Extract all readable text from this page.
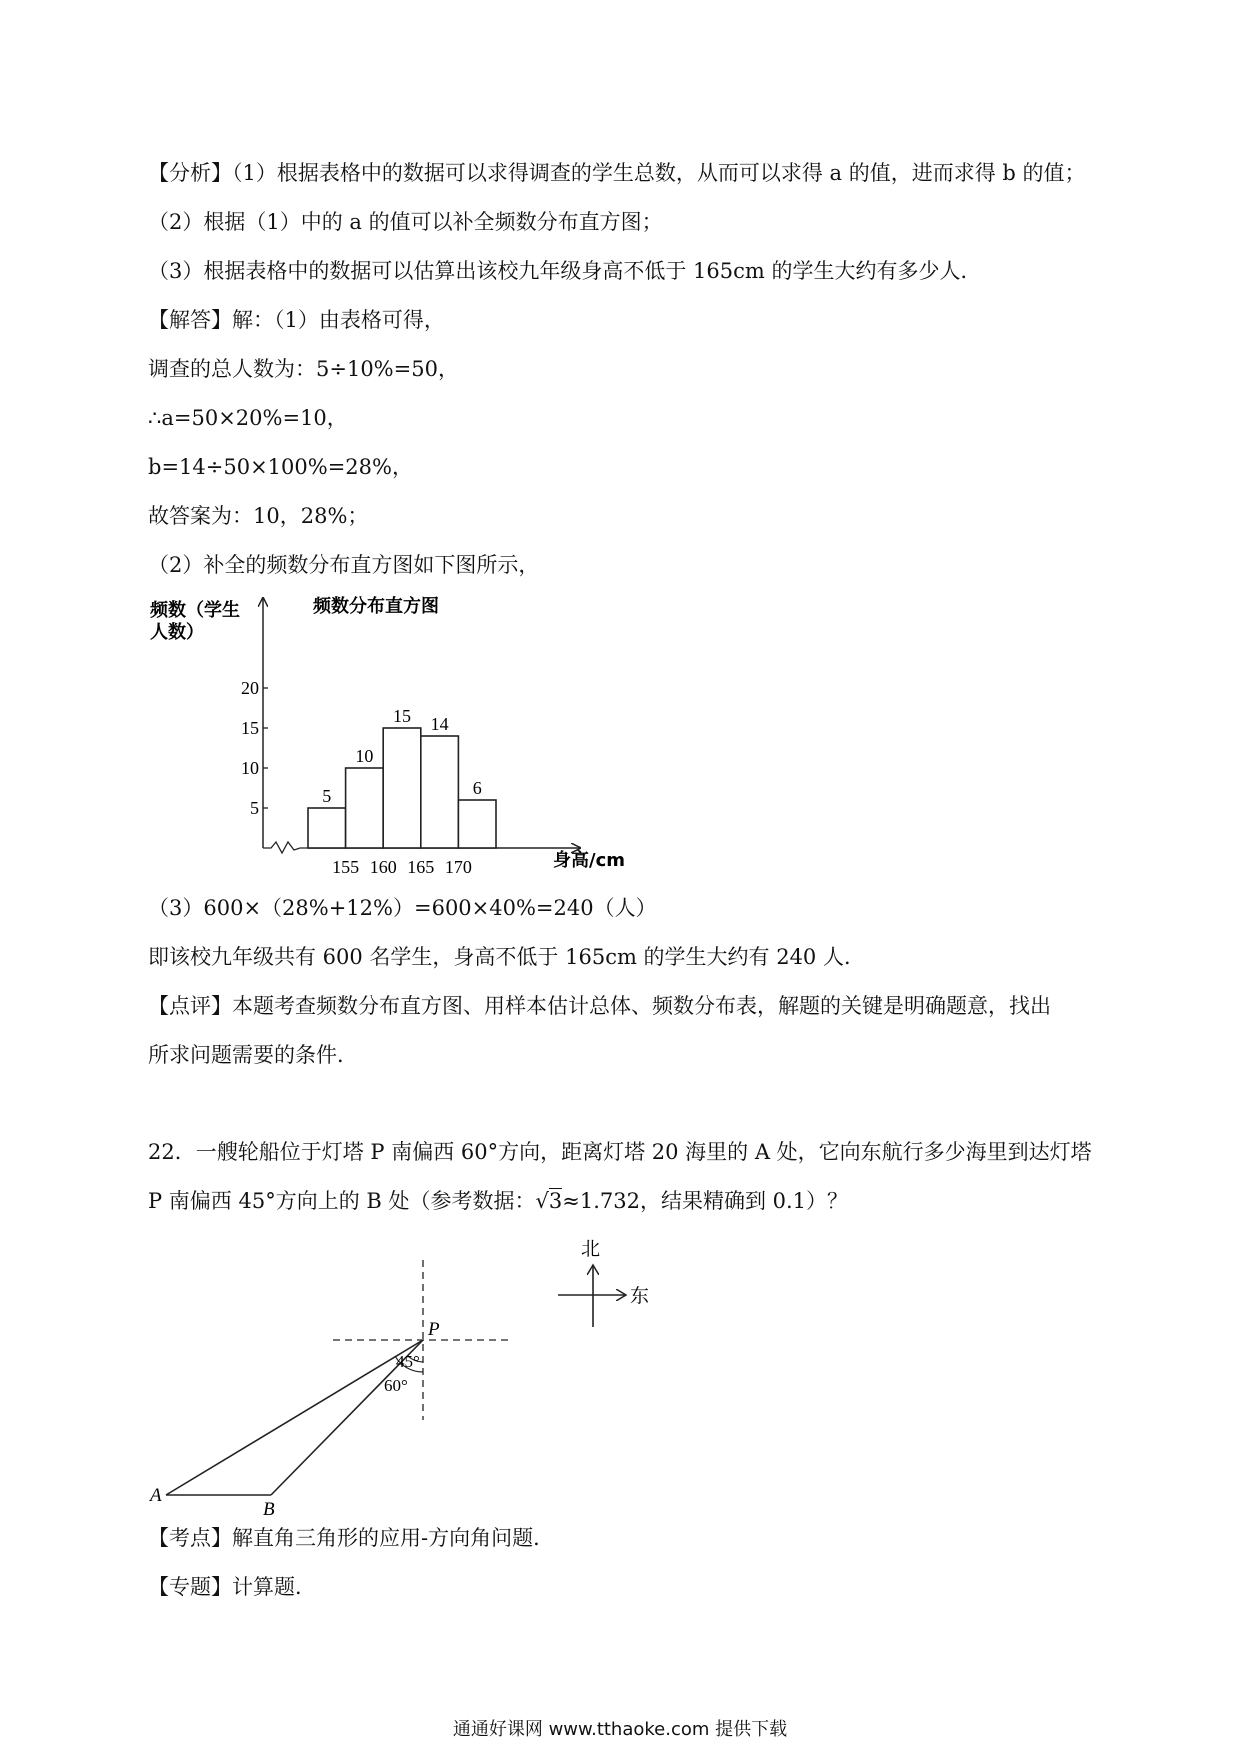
【分析】（1）根据表格中的数据可以求得调查的学生总数，从而可以求得 a 的值，进而求得 b 的值；
（2）根据（1）中的 a 的值可以补全频数分布直方图；
（3）根据表格中的数据可以估算出该校九年级身高不低于 165cm 的学生大约有多少人．
【解答】解：（1）由表格可得，
调查的总人数为：5÷10%=50，
∴a=50×20%=10，
b=14÷50×100%=28%，
故答案为：10，28%；
（2）补全的频数分布直方图如下图所示，
5
10
15
20
5
10
15 14
6
155 160 165 170
频数（学生
人数）
频数分布直方图
身高/cm
（3）600×（28%+12%）=600×40%=240（人）
即该校九年级共有 600 名学生，身高不低于 165cm 的学生大约有 240 人．
【点评】本题考查频数分布直方图、用样本估计总体、频数分布表，解题的关键是明确题意，找出
所求问题需要的条件．
22．一艘轮船位于灯塔 P 南偏西 60°方向，距离灯塔 20 海里的 A 处，它向东航行多少海里到达灯塔
P 南偏西 45°方向上的 B 处（参考数据：√3≈1.732，结果精确到 0.1）？
P
45°
60°
A
B
北
东
【考点】解直角三角形的应用-方向角问题．
【专题】计算题．
通通好课网 www.tthaoke.com 提供下载
